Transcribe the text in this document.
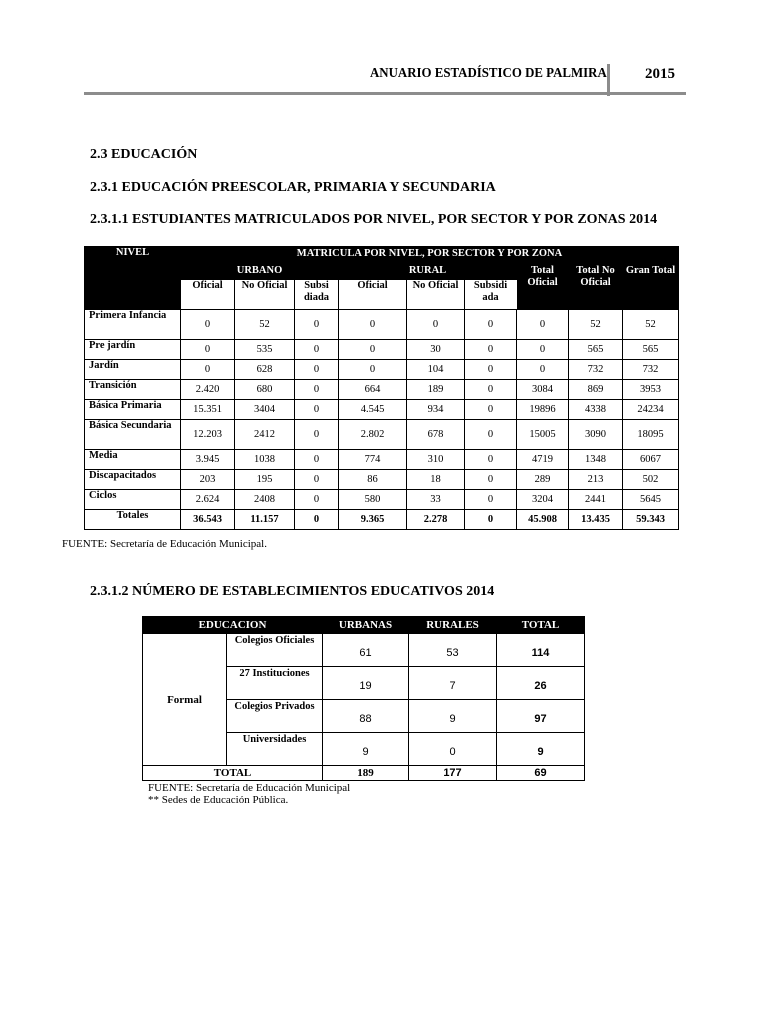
ANUARIO ESTADÍSTICO DE PALMIRA	2015
2.3 EDUCACIÓN
2.3.1 EDUCACIÓN PREESCOLAR, PRIMARIA Y SECUNDARIA
2.3.1.1 ESTUDIANTES MATRICULADOS POR NIVEL, POR SECTOR Y POR ZONAS 2014
NIVEL	MATRICULA POR NIVEL, POR SECTOR Y POR ZONA								
	URBANO			RURAL			Total Oficial	Total No Oficial	Gran Total
	Oficial	No Oficial	Subsi diada	Oficial	No Oficial	Subsidi ada			
Primera Infancia	0	52	0	0	0	0	0	52	52
Pre jardín	0	535	0	0	30	0	0	565	565
Jardín	0	628	0	0	104	0	0	732	732
Transición	2.420	680	0	664	189	0	3084	869	3953
Básica Primaria	15.351	3404	0	4.545	934	0	19896	4338	24234
Básica Secundaria	12.203	2412	0	2.802	678	0	15005	3090	18095
Media	3.945	1038	0	774	310	0	4719	1348	6067
Discapacitados	203	195	0	86	18	0	289	213	502
Ciclos	2.624	2408	0	580	33	0	3204	2441	5645
Totales	36.543	11.157	0	9.365	2.278	0	45.908	13.435	59.343
FUENTE: Secretaría de Educación Municipal.
2.3.1.2 NÚMERO DE ESTABLECIMIENTOS EDUCATIVOS 2014
EDUCACION		URBANAS	RURALES	TOTAL
Formal	Colegios Oficiales	61	53	114
	27 Instituciones	19	7	26
	Colegios Privados	88	9	97
	Universidades	9	0	9
TOTAL		189	177	69
FUENTE: Secretaría de Educación Municipal
** Sedes de Educación Pública.
